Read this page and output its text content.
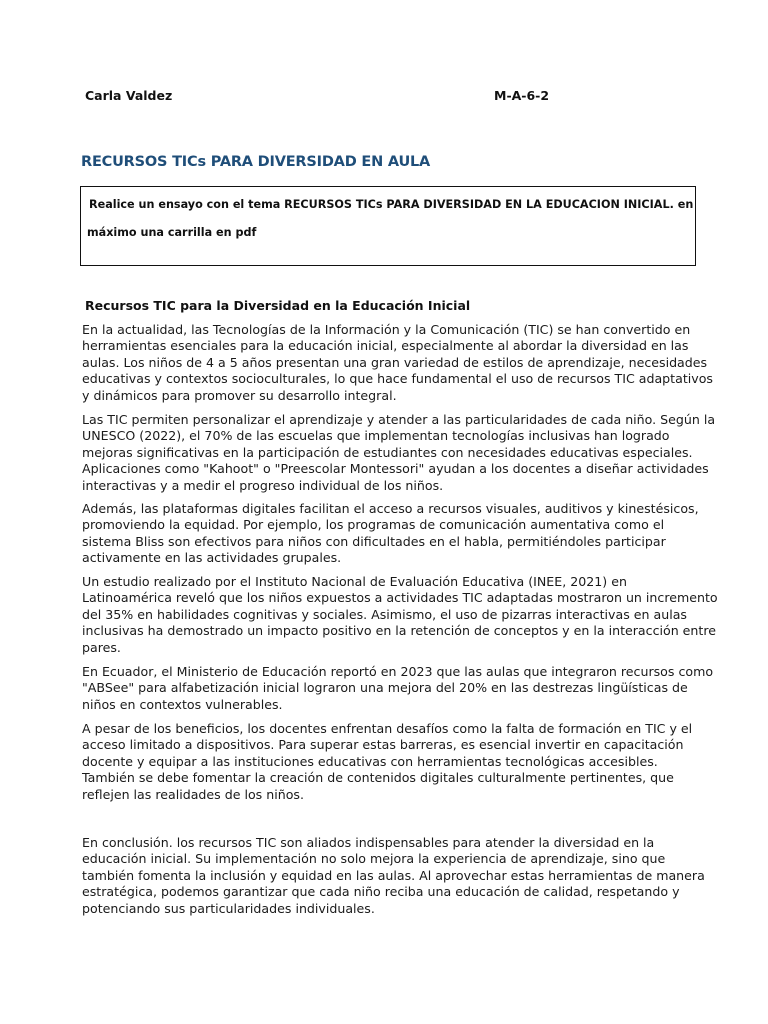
Carla Valdez	M-A-6-2
RECURSOS TICs PARA DIVERSIDAD EN AULA
Realice un ensayo con el tema RECURSOS TICs PARA DIVERSIDAD EN LA EDUCACION INICIAL. en
máximo una carrilla en pdf
Recursos TIC para la Diversidad en la Educación Inicial

En la actualidad, las Tecnologías de la Información y la Comunicación (TIC) se han convertido en
herramientas esenciales para la educación inicial, especialmente al abordar la diversidad en las
aulas. Los niños de 4 a 5 años presentan una gran variedad de estilos de aprendizaje, necesidades
educativas y contextos socioculturales, lo que hace fundamental el uso de recursos TIC adaptativos
y dinámicos para promover su desarrollo integral.

Las TIC permiten personalizar el aprendizaje y atender a las particularidades de cada niño. Según la
UNESCO (2022), el 70% de las escuelas que implementan tecnologías inclusivas han logrado
mejoras significativas en la participación de estudiantes con necesidades educativas especiales.
Aplicaciones como "Kahoot" o "Preescolar Montessori" ayudan a los docentes a diseñar actividades
interactivas y a medir el progreso individual de los niños.

Además, las plataformas digitales facilitan el acceso a recursos visuales, auditivos y kinestésicos,
promoviendo la equidad. Por ejemplo, los programas de comunicación aumentativa como el
sistema Bliss son efectivos para niños con dificultades en el habla, permitiéndoles participar
activamente en las actividades grupales.

Un estudio realizado por el Instituto Nacional de Evaluación Educativa (INEE, 2021) en
Latinoamérica reveló que los niños expuestos a actividades TIC adaptadas mostraron un incremento
del 35% en habilidades cognitivas y sociales. Asimismo, el uso de pizarras interactivas en aulas
inclusivas ha demostrado un impacto positivo en la retención de conceptos y en la interacción entre
pares.

En Ecuador, el Ministerio de Educación reportó en 2023 que las aulas que integraron recursos como
"ABSee" para alfabetización inicial lograron una mejora del 20% en las destrezas lingüísticas de
niños en contextos vulnerables.

A pesar de los beneficios, los docentes enfrentan desafíos como la falta de formación en TIC y el
acceso limitado a dispositivos. Para superar estas barreras, es esencial invertir en capacitación
docente y equipar a las instituciones educativas con herramientas tecnológicas accesibles.
También se debe fomentar la creación de contenidos digitales culturalmente pertinentes, que
reflejen las realidades de los niños.

En conclusión. los recursos TIC son aliados indispensables para atender la diversidad en la
educación inicial. Su implementación no solo mejora la experiencia de aprendizaje, sino que
también fomenta la inclusión y equidad en las aulas. Al aprovechar estas herramientas de manera
estratégica, podemos garantizar que cada niño reciba una educación de calidad, respetando y
potenciando sus particularidades individuales.
